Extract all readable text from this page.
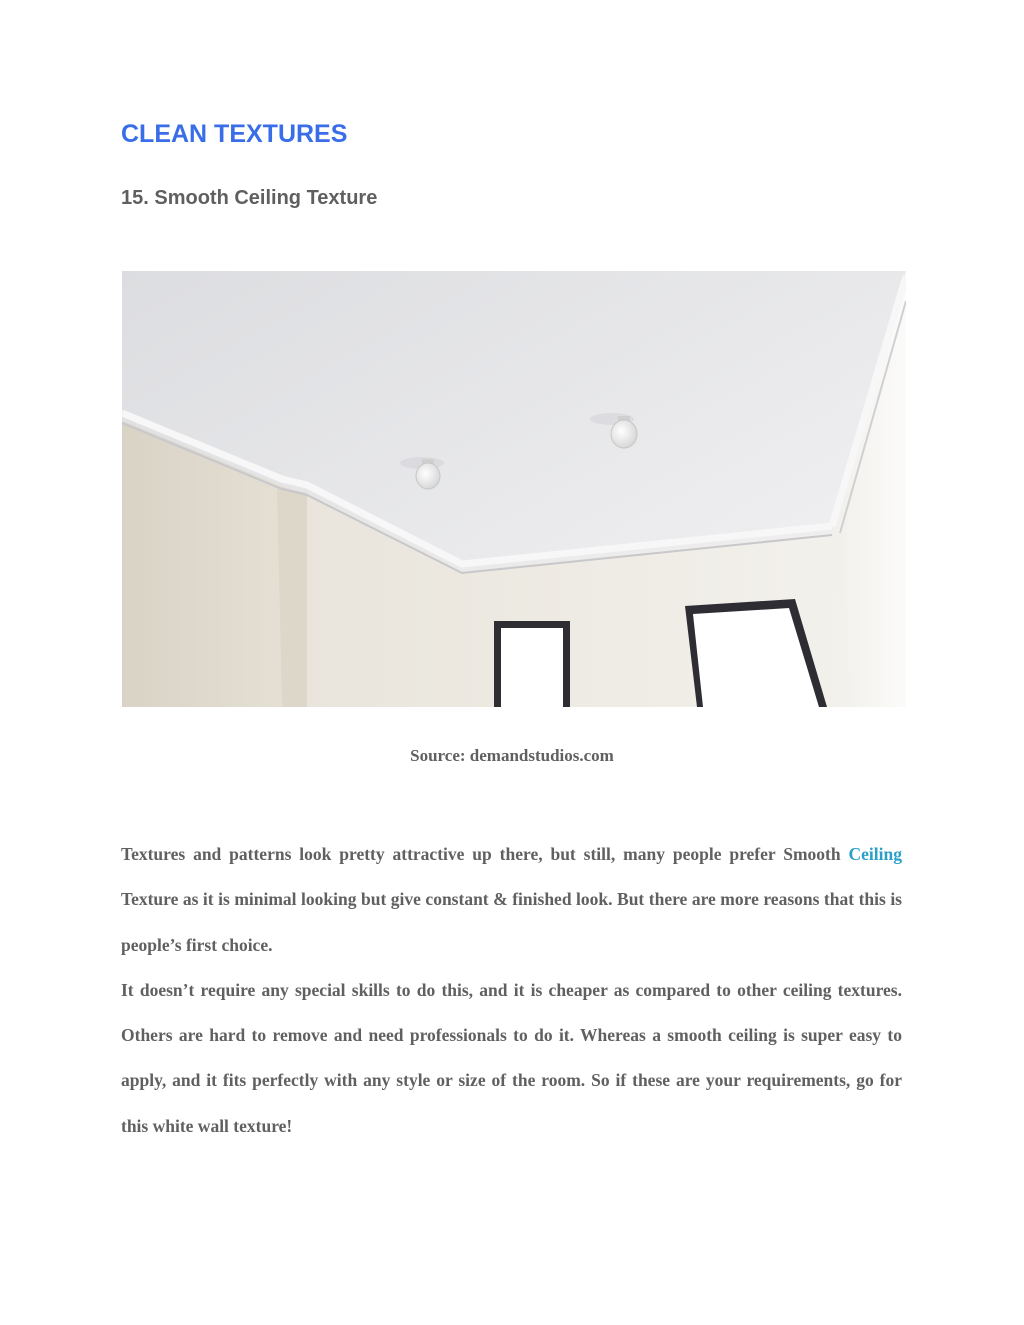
CLEAN TEXTURES
15. Smooth Ceiling Texture
Source: demandstudios.com

Textures and patterns look pretty attractive up there, but still, many people prefer Smooth Ceiling Texture as it is minimal looking but give constant & finished look. But there are more reasons that this is people’s first choice.

It doesn’t require any special skills to do this, and it is cheaper as compared to other ceiling textures. Others are hard to remove and need professionals to do it. Whereas a smooth ceiling is super easy to apply, and it fits perfectly with any style or size of the room. So if these are your requirements, go for this white wall texture!
